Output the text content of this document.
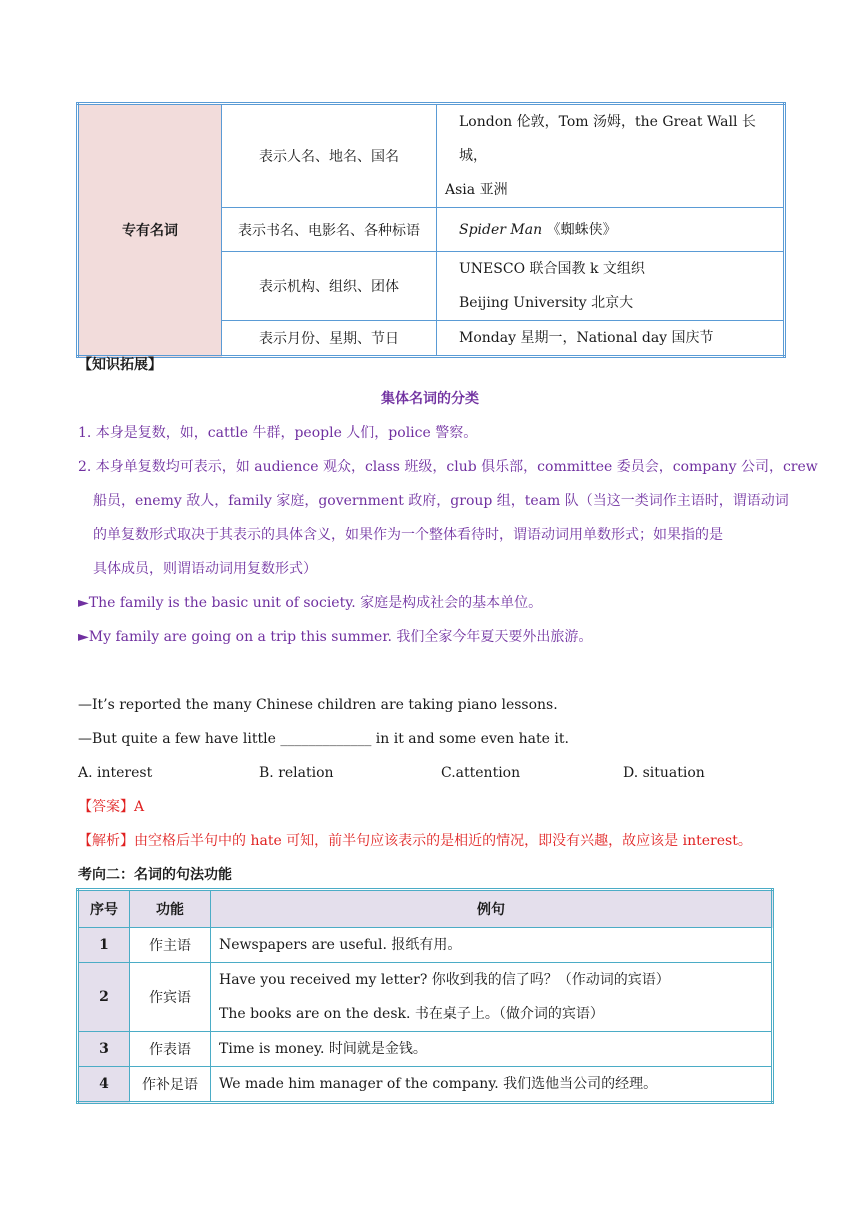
专有名词	表示人名、地名、国名	London 伦敦，Tom 汤姆，the Great Wall 长城，
Asia 亚洲

	表示书名、电影名、各种标语	Spider Man 《蜘蛛侠》
	表示机构、组织、团体	UNESCO 联合国教 k 文组织
Beijing University 北京大

	表示月份、星期、节日	Monday 星期一，National day 国庆节
【知识拓展】
集体名词的分类
1. 本身是复数，如，cattle 牛群，people 人们，police 警察。
2. 本身单复数均可表示，如 audience 观众，class 班级，club 俱乐部，committee 委员会，company 公司，crew
船员，enemy 敌人，family 家庭，government 政府，group 组，team 队（当这一类词作主语时，谓语动词
的单复数形式取决于其表示的具体含义，如果作为一个整体看待时，谓语动词用单数形式；如果指的是
具体成员，则谓语动词用复数形式）
►The family is the basic unit of society. 家庭是构成社会的基本单位。
►My family are going on a trip this summer. 我们全家今年夏天要外出旅游。
—It’s reported the many Chinese children are taking piano lessons.
—But quite a few have little _____________ in it and some even hate it.
A. interest	B. relation	C.attention	D. situation
【答案】A
【解析】由空格后半句中的 hate 可知，前半句应该表示的是相近的情况，即没有兴趣，故应该是 interest。
考向二：名词的句法功能
序号	功能	例句
1	作主语	Newspapers are useful. 报纸有用。

2	作宾语	Have you received my letter? 你收到我的信了吗？（作动词的宾语）
The books are on the desk. 书在桌子上。（做介词的宾语）

3	作表语	Time is money. 时间就是金钱。

4	作补足语	We made him manager of the company. 我们选他当公司的经理。
